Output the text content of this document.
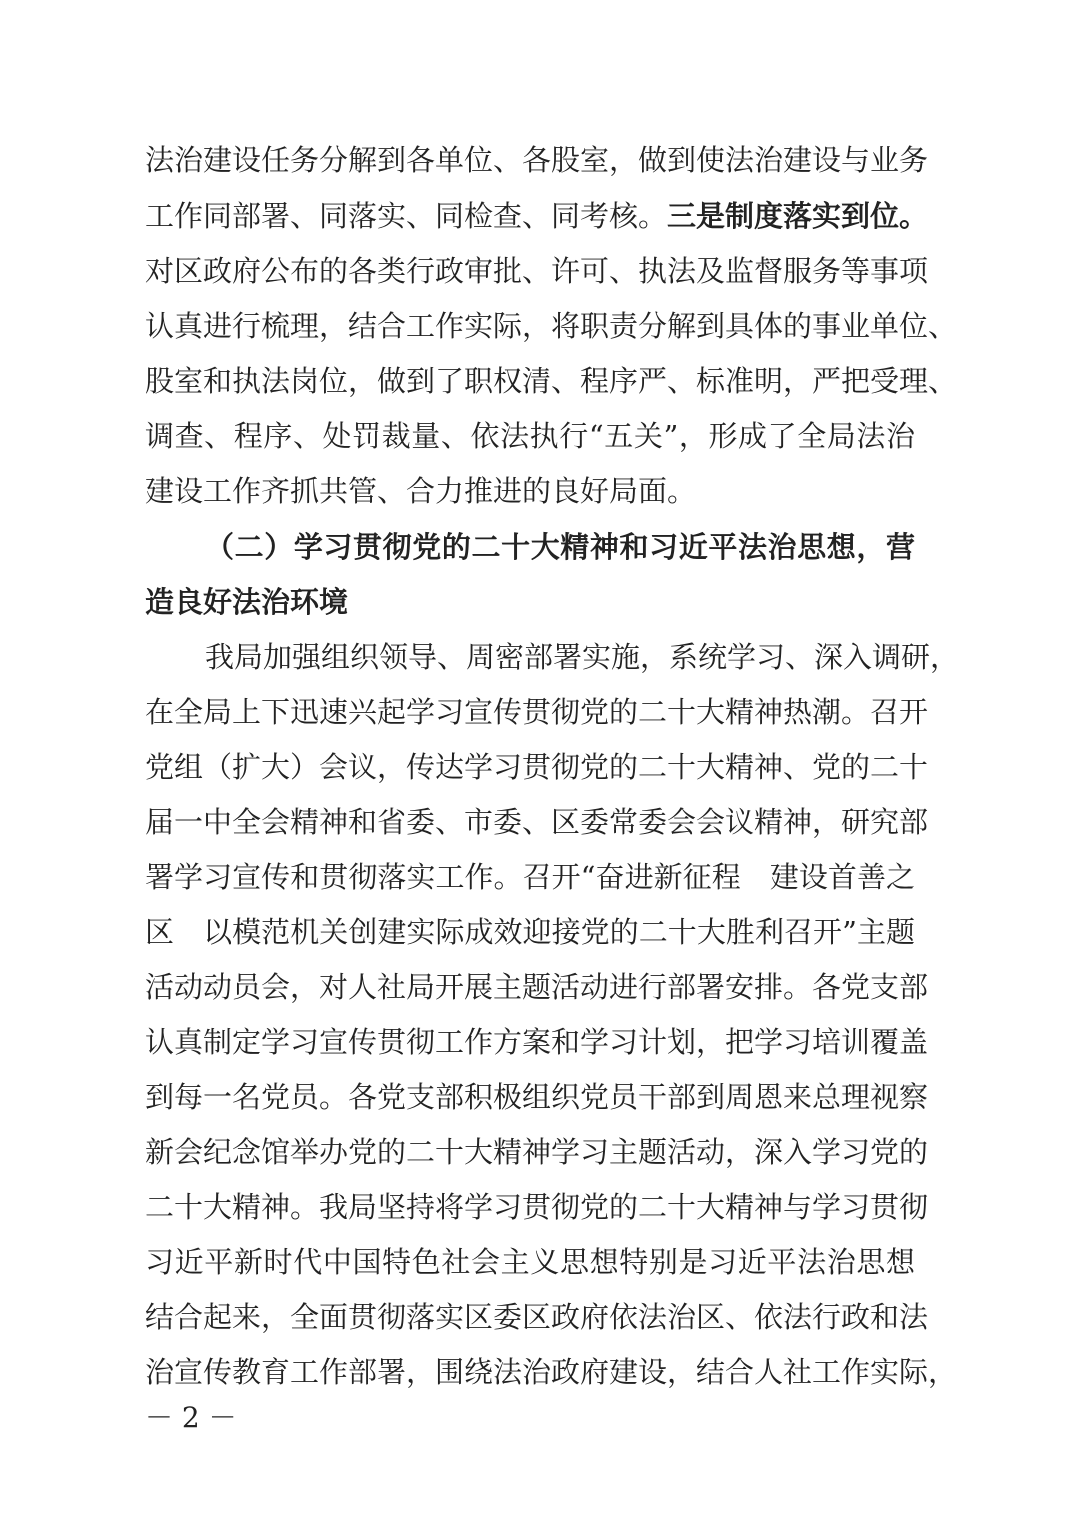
法治建设任务分解到各单位、各股室，做到使法治建设与业务
工作同部署、同落实、同检查、同考核。三是制度落实到位。
对区政府公布的各类行政审批、许可、执法及监督服务等事项
认真进行梳理，结合工作实际，将职责分解到具体的事业单位、
股室和执法岗位，做到了职权清、程序严、标准明，严把受理、
调查、程序、处罚裁量、依法执行“五关”，形成了全局法治
建设工作齐抓共管、合力推进的良好局面。
（二）学习贯彻党的二十大精神和习近平法治思想，营
造良好法治环境
我局加强组织领导、周密部署实施，系统学习、深入调研，
在全局上下迅速兴起学习宣传贯彻党的二十大精神热潮。召开
党组（扩大）会议，传达学习贯彻党的二十大精神、党的二十
届一中全会精神和省委、市委、区委常委会会议精神，研究部
署学习宣传和贯彻落实工作。召开“奋进新征程　建设首善之
区　以模范机关创建实际成效迎接党的二十大胜利召开”主题
活动动员会，对人社局开展主题活动进行部署安排。各党支部
认真制定学习宣传贯彻工作方案和学习计划，把学习培训覆盖
到每一名党员。各党支部积极组织党员干部到周恩来总理视察
新会纪念馆举办党的二十大精神学习主题活动，深入学习党的
二十大精神。我局坚持将学习贯彻党的二十大精神与学习贯彻
习近平新时代中国特色社会主义思想特别是习近平法治思想
结合起来，全面贯彻落实区委区政府依法治区、依法行政和法
治宣传教育工作部署，围绕法治政府建设，结合人社工作实际，
－ 2 －
